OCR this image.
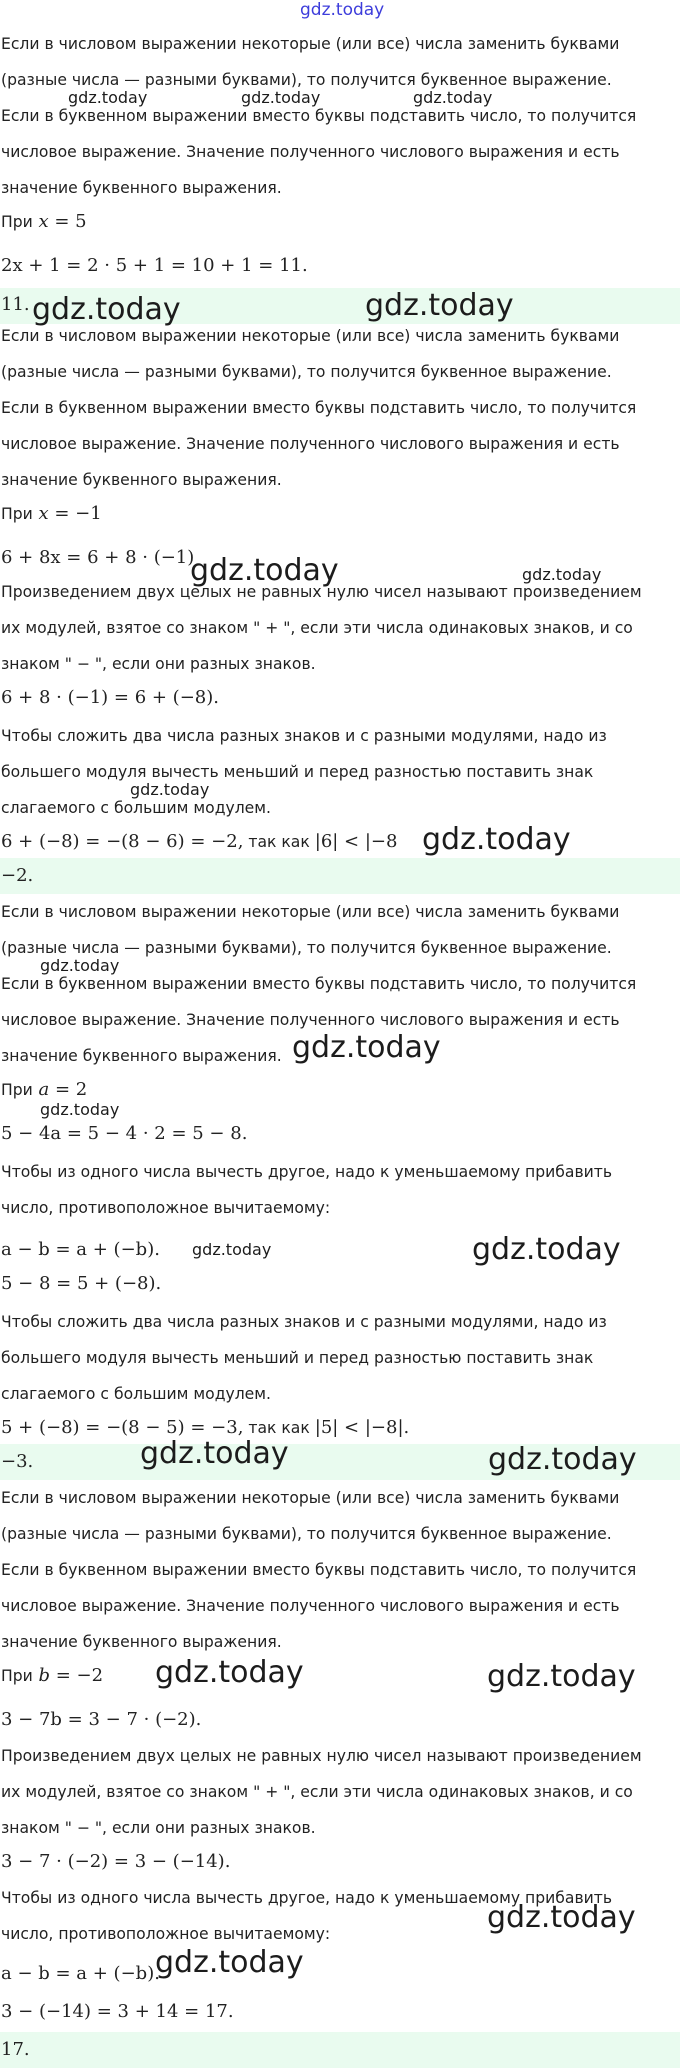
gdz.today

Если в числовом выражении некоторые (или все) числа заменить буквами

(разные числа — разными буквами), то получится буквенное выражение.

gdz.today	gdz.today	gdz.today

Если в буквенном выражении вместо буквы подставить число, то получится

числовое выражение. Значение полученного числового выражения и есть

значение буквенного выражения.

При x = 5

2x + 1 = 2 · 5 + 1 = 10 + 1 = 11.

11. gdz.today	gdz.today

Если в числовом выражении некоторые (или все) числа заменить буквами

(разные числа — разными буквами), то получится буквенное выражение.

Если в буквенном выражении вместо буквы подставить число, то получится

числовое выражение. Значение полученного числового выражения и есть

значение буквенного выражения.

При x = −1

6 + 8x = 6 + 8 · (−1)

gdz.today	gdz.today

Произведением двух целых не равных нулю чисел называют произведением

их модулей, взятое со знаком " + ", если эти числа одинаковых знаков, и со

знаком " − ", если они разных знаков.

6 + 8 · (−1) = 6 + (−8).

Чтобы сложить два числа разных знаков и с разными модулями, надо из

большего модуля вычесть меньший и перед разностью поставить знак

gdz.today

слагаемого с большим модулем.

6 + (−8) = −(8 − 6) = −2, так как |6| < |−8 gdz.today

−2.

Если в числовом выражении некоторые (или все) числа заменить буквами

(разные числа — разными буквами), то получится буквенное выражение.

gdz.today

Если в буквенном выражении вместо буквы подставить число, то получится

числовое выражение. Значение полученного числового выражения и есть

значение буквенного выражения. gdz.today

При a = 2

gdz.today

5 − 4a = 5 − 4 · 2 = 5 − 8.

Чтобы из одного числа вычесть другое, надо к уменьшаемому прибавить

число, противоположное вычитаемому:

a − b = a + (−b). gdz.today	gdz.today

5 − 8 = 5 + (−8).

Чтобы сложить два числа разных знаков и с разными модулями, надо из

большего модуля вычесть меньший и перед разностью поставить знак

слагаемого с большим модулем.

5 + (−8) = −(8 − 5) = −3, так как |5| < |−8|.

−3.	gdz.today	gdz.today

Если в числовом выражении некоторые (или все) числа заменить буквами

(разные числа — разными буквами), то получится буквенное выражение.

Если в буквенном выражении вместо буквы подставить число, то получится

числовое выражение. Значение полученного числового выражения и есть

значение буквенного выражения.

При b = −2 gdz.today	gdz.today

3 − 7b = 3 − 7 · (−2).

Произведением двух целых не равных нулю чисел называют произведением

их модулей, взятое со знаком " + ", если эти числа одинаковых знаков, и со

знаком " − ", если они разных знаков.

3 − 7 · (−2) = 3 − (−14).

Чтобы из одного числа вычесть другое, надо к уменьшаемому прибавить

число, противоположное вычитаемому:	gdz.today

a − b = a + (−b).

gdz.today

3 − (−14) = 3 + 14 = 17.

17.
